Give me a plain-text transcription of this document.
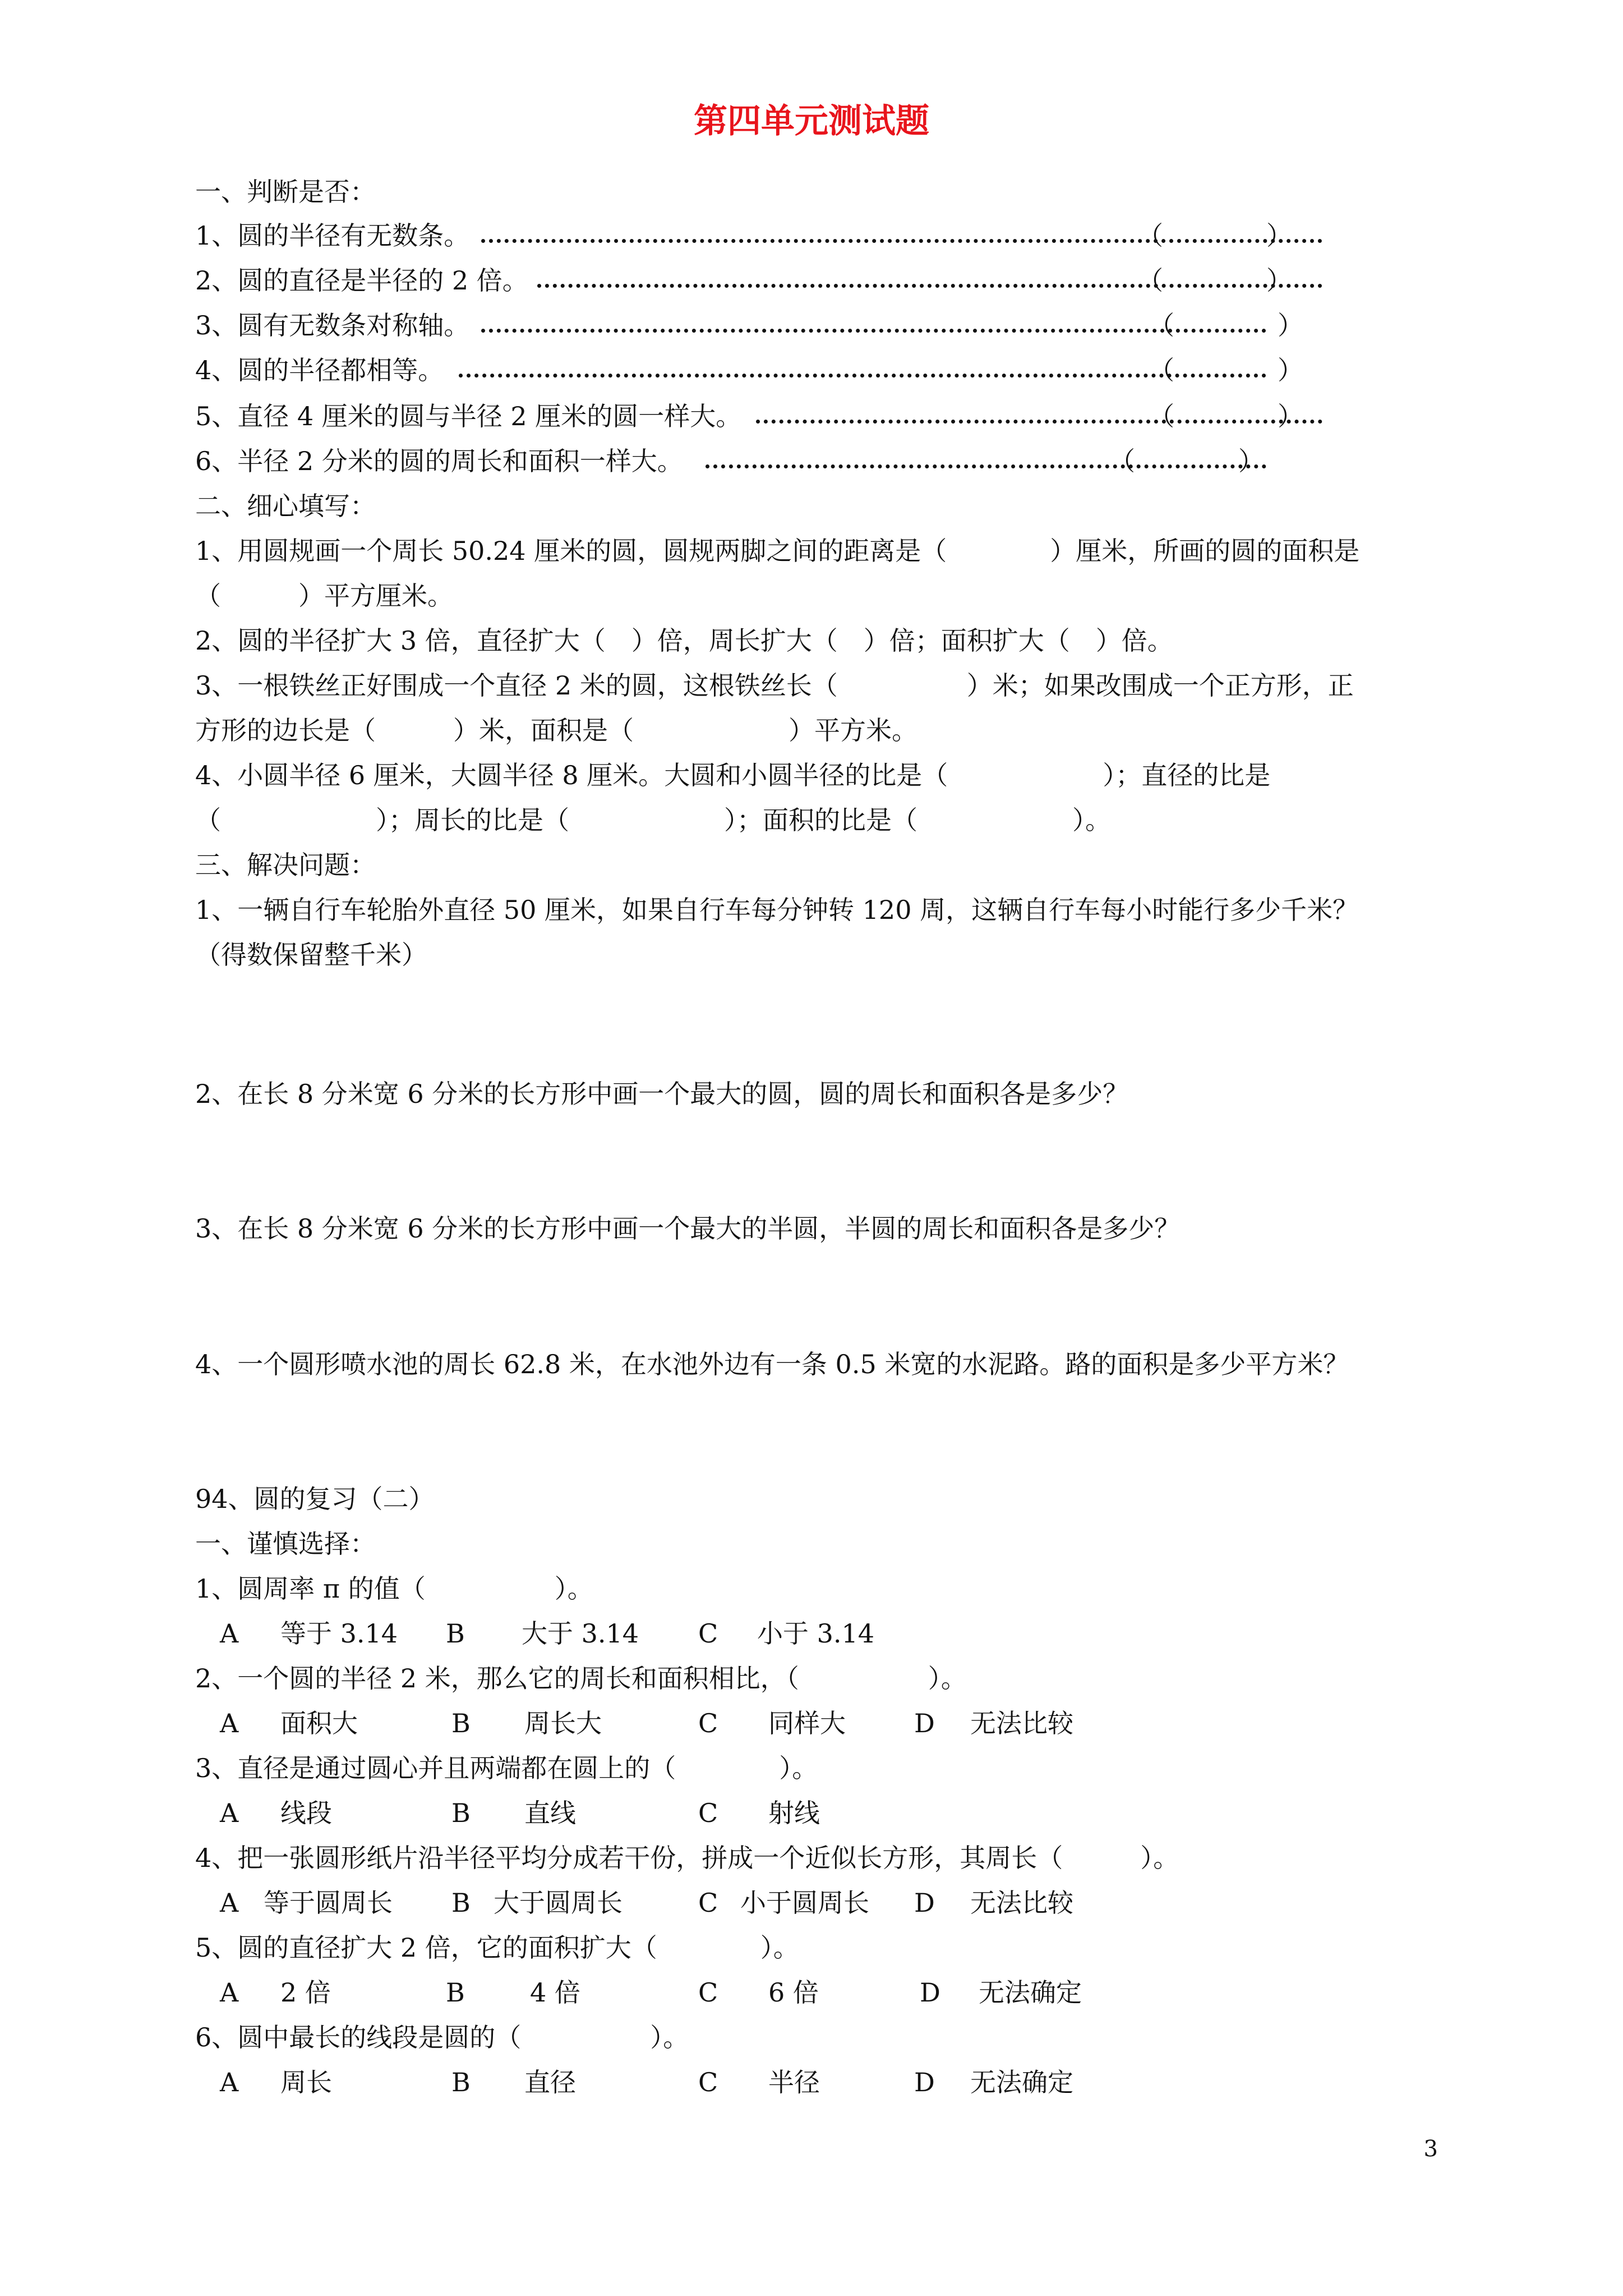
第四单元测试题
一、判断是否：
1、圆的半径有无数条。	（　　　　）
2、圆的直径是半径的 2 倍。	（　　　　）
3、圆有无数条对称轴。	（　　　　）
4、圆的半径都相等。	（　　　　）
5、直径 4 厘米的圆与半径 2 厘米的圆一样大。	（　　　　）
6、半径 2 分米的圆的周长和面积一样大。	（　　　　）
二、细心填写：
1、用圆规画一个周长 50.24 厘米的圆，圆规两脚之间的距离是（　　　　）厘米，所画的圆的面积是
（　　　）平方厘米。
2、圆的半径扩大 3 倍，直径扩大（　）倍，周长扩大（　）倍；面积扩大（　）倍。
3、一根铁丝正好围成一个直径 2 米的圆，这根铁丝长（　　　　　）米；如果改围成一个正方形，正
方形的边长是（　　　）米，面积是（　　　　　　）平方米。
4、小圆半径 6 厘米，大圆半径 8 厘米。大圆和小圆半径的比是（　　　　　　）；直径的比是
（　　　　　　）；周长的比是（　　　　　　）；面积的比是（　　　　　　）。
三、解决问题：
1、一辆自行车轮胎外直径 50 厘米，如果自行车每分钟转 120 周，这辆自行车每小时能行多少千米？
（得数保留整千米）
2、在长 8 分米宽 6 分米的长方形中画一个最大的圆，圆的周长和面积各是多少？
3、在长 8 分米宽 6 分米的长方形中画一个最大的半圆，半圆的周长和面积各是多少？
4、一个圆形喷水池的周长 62.8 米，在水池外边有一条 0.5 米宽的水泥路。路的面积是多少平方米？
94、圆的复习（二）
一、谨慎选择：
1、圆周率 π 的值（　　　　　）。
A 等于 3.14 B 大于 3.14 C 小于 3.14
2、一个圆的半径 2 米，那么它的周长和面积相比，（　　　　　）。
A 面积大	B 周长大	C 同样大	D 无法比较
3、直径是通过圆心并且两端都在圆上的（　　　　）。
A 线段	B 直线	C 射线
4、把一张圆形纸片沿半径平均分成若干份，拼成一个近似长方形，其周长（　　　）。
A 等于圆周长 B 大于圆周长	C 小于圆周长 D 无法比较
5、圆的直径扩大 2 倍，它的面积扩大（　　　　）。
A 2 倍	B	4 倍	C 6 倍	D 无法确定
6、圆中最长的线段是圆的（　　　　　）。
A 周长	B 直径	C 半径	D 无法确定
3
